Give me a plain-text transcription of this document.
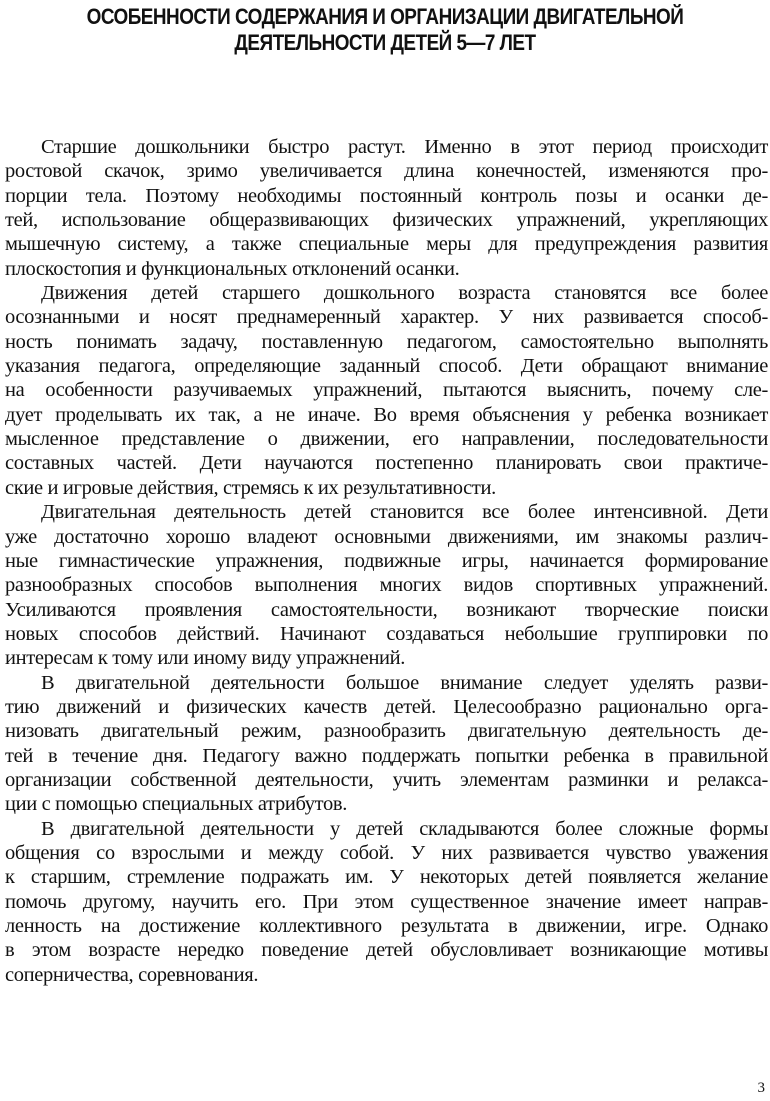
ОСОБЕННОСТИ СОДЕРЖАНИЯ И ОРГАНИЗАЦИИ ДВИГАТЕЛЬНОЙ
ДЕЯТЕЛЬНОСТИ ДЕТЕЙ 5—7 ЛЕТ
Старшие дошкольники быстро растут. Именно в этот период происходит
ростовой скачок, зримо увеличивается длина конечностей, изменяются про-
порции тела. Поэтому необходимы постоянный контроль позы и осанки де-
тей, использование общеразвивающих физических упражнений, укрепляющих
мышечную систему, а также специальные меры для предупреждения развития
плоскостопия и функциональных отклонений осанки.
Движения детей старшего дошкольного возраста становятся все более
осознанными и носят преднамеренный характер. У них развивается способ-
ность понимать задачу, поставленную педагогом, самостоятельно выполнять
указания педагога, определяющие заданный способ. Дети обращают внимание
на особенности разучиваемых упражнений, пытаются выяснить, почему сле-
дует проделывать их так, а не иначе. Во время объяснения у ребенка возникает
мысленное представление о движении, его направлении, последовательности
составных частей. Дети научаются постепенно планировать свои практиче-
ские и игровые действия, стремясь к их результативности.
Двигательная деятельность детей становится все более интенсивной. Дети
уже достаточно хорошо владеют основными движениями, им знакомы различ-
ные гимнастические упражнения, подвижные игры, начинается формирование
разнообразных способов выполнения многих видов спортивных упражнений.
Усиливаются проявления самостоятельности, возникают творческие поиски
новых способов действий. Начинают создаваться небольшие группировки по
интересам к тому или иному виду упражнений.
В двигательной деятельности большое внимание следует уделять разви-
тию движений и физических качеств детей. Целесообразно рационально орга-
низовать двигательный режим, разнообразить двигательную деятельность де-
тей в течение дня. Педагогу важно поддержать попытки ребенка в правильной
организации собственной деятельности, учить элементам разминки и релакса-
ции с помощью специальных атрибутов.
В двигательной деятельности у детей складываются более сложные формы
общения со взрослыми и между собой. У них развивается чувство уважения
к старшим, стремление подражать им. У некоторых детей появляется желание
помочь другому, научить его. При этом существенное значение имеет направ-
ленность на достижение коллективного результата в движении, игре. Однако
в этом возрасте нередко поведение детей обусловливает возникающие мотивы
соперничества, соревнования.
3
